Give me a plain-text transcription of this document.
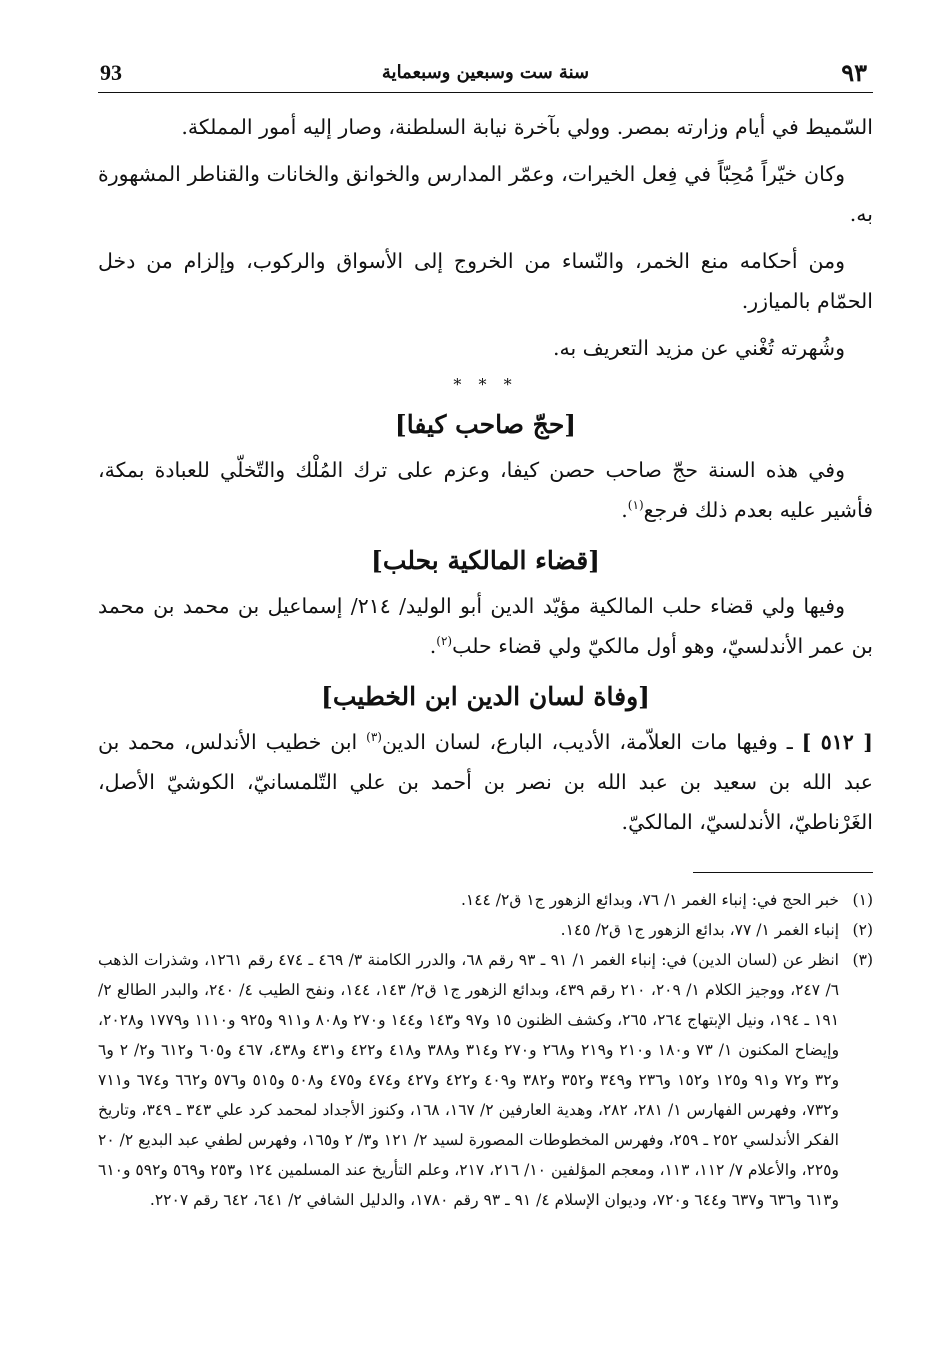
٩٣
سنة ست وسبعين وسبعماية
93

السّميط في أيام وزارته بمصر. وولي بآخرة نيابة السلطنة، وصار إليه أمور المملكة.

وكان خيّراً مُحِبّاً في فِعل الخيرات، وعمّر المدارس والخوانق والخانات والقناطر المشهورة به.

ومن أحكامه منع الخمر، والنّساء من الخروج إلى الأسواق والركوب، وإلزام من دخل الحمّام بالميازر.

وشُهرته تُغْني عن مزيد التعريف به.

* * *
[حجّ صاحب كيفا]

وفي هذه السنة حجّ صاحب حصن كيفا، وعزم على ترك المُلْك والتّخلّي للعبادة بمكة، فأشير عليه بعدم ذلك فرجع$^{(١)}$.

[قضاء المالكية بحلب]

وفيها ولي قضاء حلب المالكية مؤيّد الدين أبو الوليد/ ٢١٤/ إسماعيل بن محمد بن محمد بن عمر الأندلسيّ، وهو أول مالكيّ ولي قضاء حلب$^{(٢)}$.

[وفاة لسان الدين ابن الخطيب]

[ ٥١٢ ] ـ وفيها مات العلاّمة، الأديب، البارع، لسان الدين$^{(٣)}$ ابن خطيب الأندلس، محمد بن عبد الله بن سعيد بن عبد الله بن نصر بن أحمد بن علي التّلمسانيّ، الكوشيّ الأصل، الغَرْناطيّ، الأندلسيّ، المالكيّ.

(١)
خبر الحج في: إنباء الغمر ١/ ٧٦، وبدائع الزهور ج١ ق٢/ ١٤٤.
(٢)
إنباء الغمر ١/ ٧٧، بدائع الزهور ج١ ق٢/ ١٤٥.
(٣)
انظر عن (لسان الدين) في: إنباء الغمر ١/ ٩١ ـ ٩٣ رقم ٦٨، والدرر الكامنة ٣/ ٤٦٩ ـ ٤٧٤ رقم ١٢٦١، وشذرات الذهب ٦/ ٢٤٧، ووجيز الكلام ١/ ٢٠٩، ٢١٠ رقم ٤٣٩، وبدائع الزهور ج١ ق٢/ ١٤٣، ١٤٤، ونفح الطيب ٤/ ٢٤٠، والبدر الطالع ٢/ ١٩١ ـ ١٩٤، ونيل الإبتهاج ٢٦٤، ٢٦٥، وكشف الظنون ١٥ و٩٧ و١٤٣ و١٤٤ و٢٧٠ و٨٠٨ و٩١١ و٩٢٥ و١١١٠ و١٧٧٩ و٢٠٢٨، وإيضاح المكنون ١/ ٧٣ و١٨٠ و٢١٠ و٢١٩ و٢٦٨ و٢٧٠ و٣١٤ و٣٨٨ و٤١٨ و٤٢٢ و٤٣١ و٤٣٨، ٤٦٧ و٦٠٥ و٦١٢ و٢/ ٢ و٦ و٣٢ و٧٢ و٩١ و١٢٥ و١٥٢ و٢٣٦ و٣٤٩ و٣٥٢ و٣٨٢ و٤٠٩ و٤٢٢ و٤٢٧ و٤٧٤ و٤٧٥ و٥٠٨ و٥١٥ و٥٧٦ و٦٦٢ و٦٧٤ و٧١١ و٧٣٢، وفهرس الفهارس ١/ ٢٨١، ٢٨٢، وهدية العارفين ٢/ ١٦٧، ١٦٨، وكنوز الأجداد لمحمد كرد علي ٣٤٣ ـ ٣٤٩، وتاريخ الفكر الأندلسي ٢٥٢ ـ ٢٥٩، وفهرس المخطوطات المصورة لسيد ٢/ ١٢١ و٣/ ٢ و١٦٥، وفهرس لطفي عبد البديع ٢/ ٢٠ و٢٢٥، والأعلام ٧/ ١١٢، ١١٣، ومعجم المؤلفين ١٠/ ٢١٦، ٢١٧، وعلم التأريخ عند المسلمين ١٢٤ و٢٥٣ و٥٦٩ و٥٩٢ و٦١٠ و٦١٣ و٦٣٦ و٦٣٧ و٦٤٤ و٧٢٠، وديوان الإسلام ٤/ ٩١ ـ ٩٣ رقم ١٧٨٠، والدليل الشافي ٢/ ٦٤١، ٦٤٢ رقم ٢٢٠٧.
